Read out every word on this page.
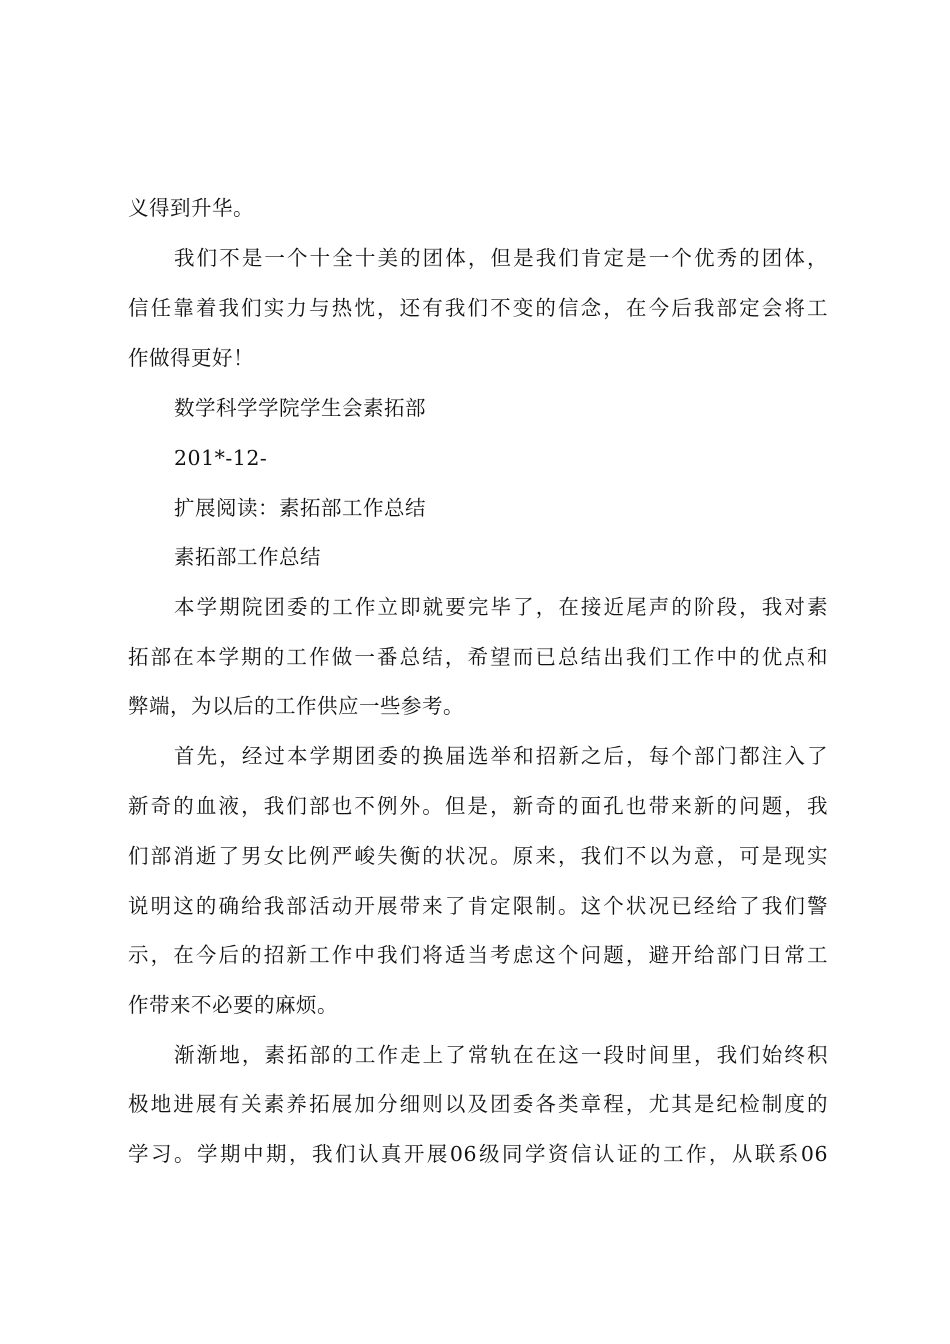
义得到升华。
我们不是一个十全十美的团体，但是我们肯定是一个优秀的团体，
信任靠着我们实力与热忱，还有我们不变的信念，在今后我部定会将工
作做得更好！
数学科学学院学生会素拓部
201*-12-
扩展阅读：素拓部工作总结
素拓部工作总结
本学期院团委的工作立即就要完毕了，在接近尾声的阶段，我对素
拓部在本学期的工作做一番总结，希望而已总结出我们工作中的优点和
弊端，为以后的工作供应一些参考。
首先，经过本学期团委的换届选举和招新之后，每个部门都注入了
新奇的血液，我们部也不例外。但是，新奇的面孔也带来新的问题，我
们部消逝了男女比例严峻失衡的状况。原来，我们不以为意，可是现实
说明这的确给我部活动开展带来了肯定限制。这个状况已经给了我们警
示，在今后的招新工作中我们将适当考虑这个问题，避开给部门日常工
作带来不必要的麻烦。
渐渐地，素拓部的工作走上了常轨在在这一段时间里，我们始终积
极地进展有关素养拓展加分细则以及团委各类章程，尤其是纪检制度的
学习。学期中期，我们认真开展06级同学资信认证的工作，从联系06
